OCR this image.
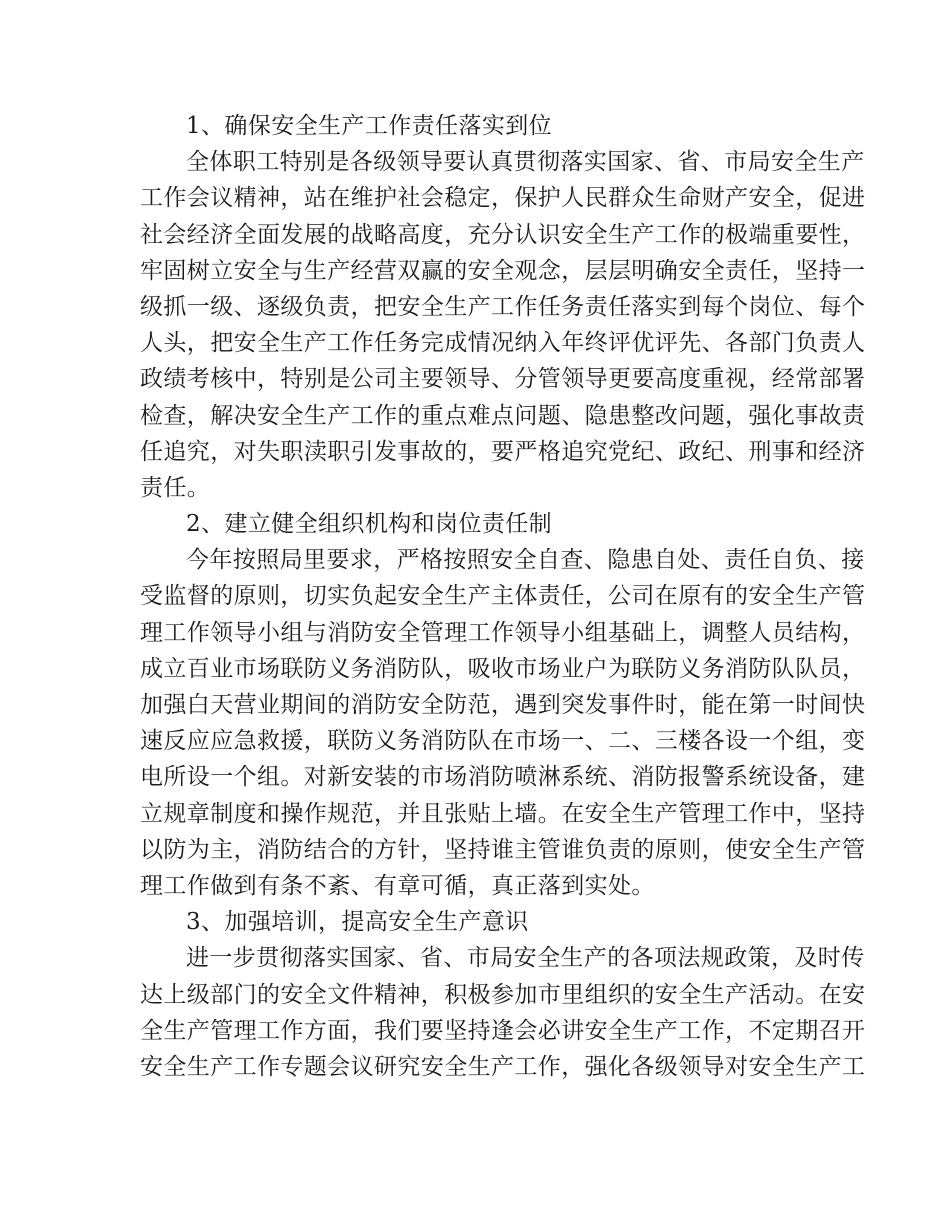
1、确保安全生产工作责任落实到位
全体职工特别是各级领导要认真贯彻落实国家、省、市局安全生产
工作会议精神，站在维护社会稳定，保护人民群众生命财产安全，促进
社会经济全面发展的战略高度，充分认识安全生产工作的极端重要性，
牢固树立安全与生产经营双赢的安全观念，层层明确安全责任，坚持一
级抓一级、逐级负责，把安全生产工作任务责任落实到每个岗位、每个
人头，把安全生产工作任务完成情况纳入年终评优评先、各部门负责人
政绩考核中，特别是公司主要领导、分管领导更要高度重视，经常部署
检查，解决安全生产工作的重点难点问题、隐患整改问题，强化事故责
任追究，对失职渎职引发事故的，要严格追究党纪、政纪、刑事和经济
责任。
2、建立健全组织机构和岗位责任制
今年按照局里要求，严格按照安全自查、隐患自处、责任自负、接
受监督的原则，切实负起安全生产主体责任，公司在原有的安全生产管
理工作领导小组与消防安全管理工作领导小组基础上，调整人员结构，
成立百业市场联防义务消防队，吸收市场业户为联防义务消防队队员，
加强白天营业期间的消防安全防范，遇到突发事件时，能在第一时间快
速反应应急救援，联防义务消防队在市场一、二、三楼各设一个组，变
电所设一个组。对新安装的市场消防喷淋系统、消防报警系统设备，建
立规章制度和操作规范，并且张贴上墙。在安全生产管理工作中，坚持
以防为主，消防结合的方针，坚持谁主管谁负责的原则，使安全生产管
理工作做到有条不紊、有章可循，真正落到实处。
3、加强培训，提高安全生产意识
进一步贯彻落实国家、省、市局安全生产的各项法规政策，及时传
达上级部门的安全文件精神，积极参加市里组织的安全生产活动。在安
全生产管理工作方面，我们要坚持逢会必讲安全生产工作，不定期召开
安全生产工作专题会议研究安全生产工作，强化各级领导对安全生产工
